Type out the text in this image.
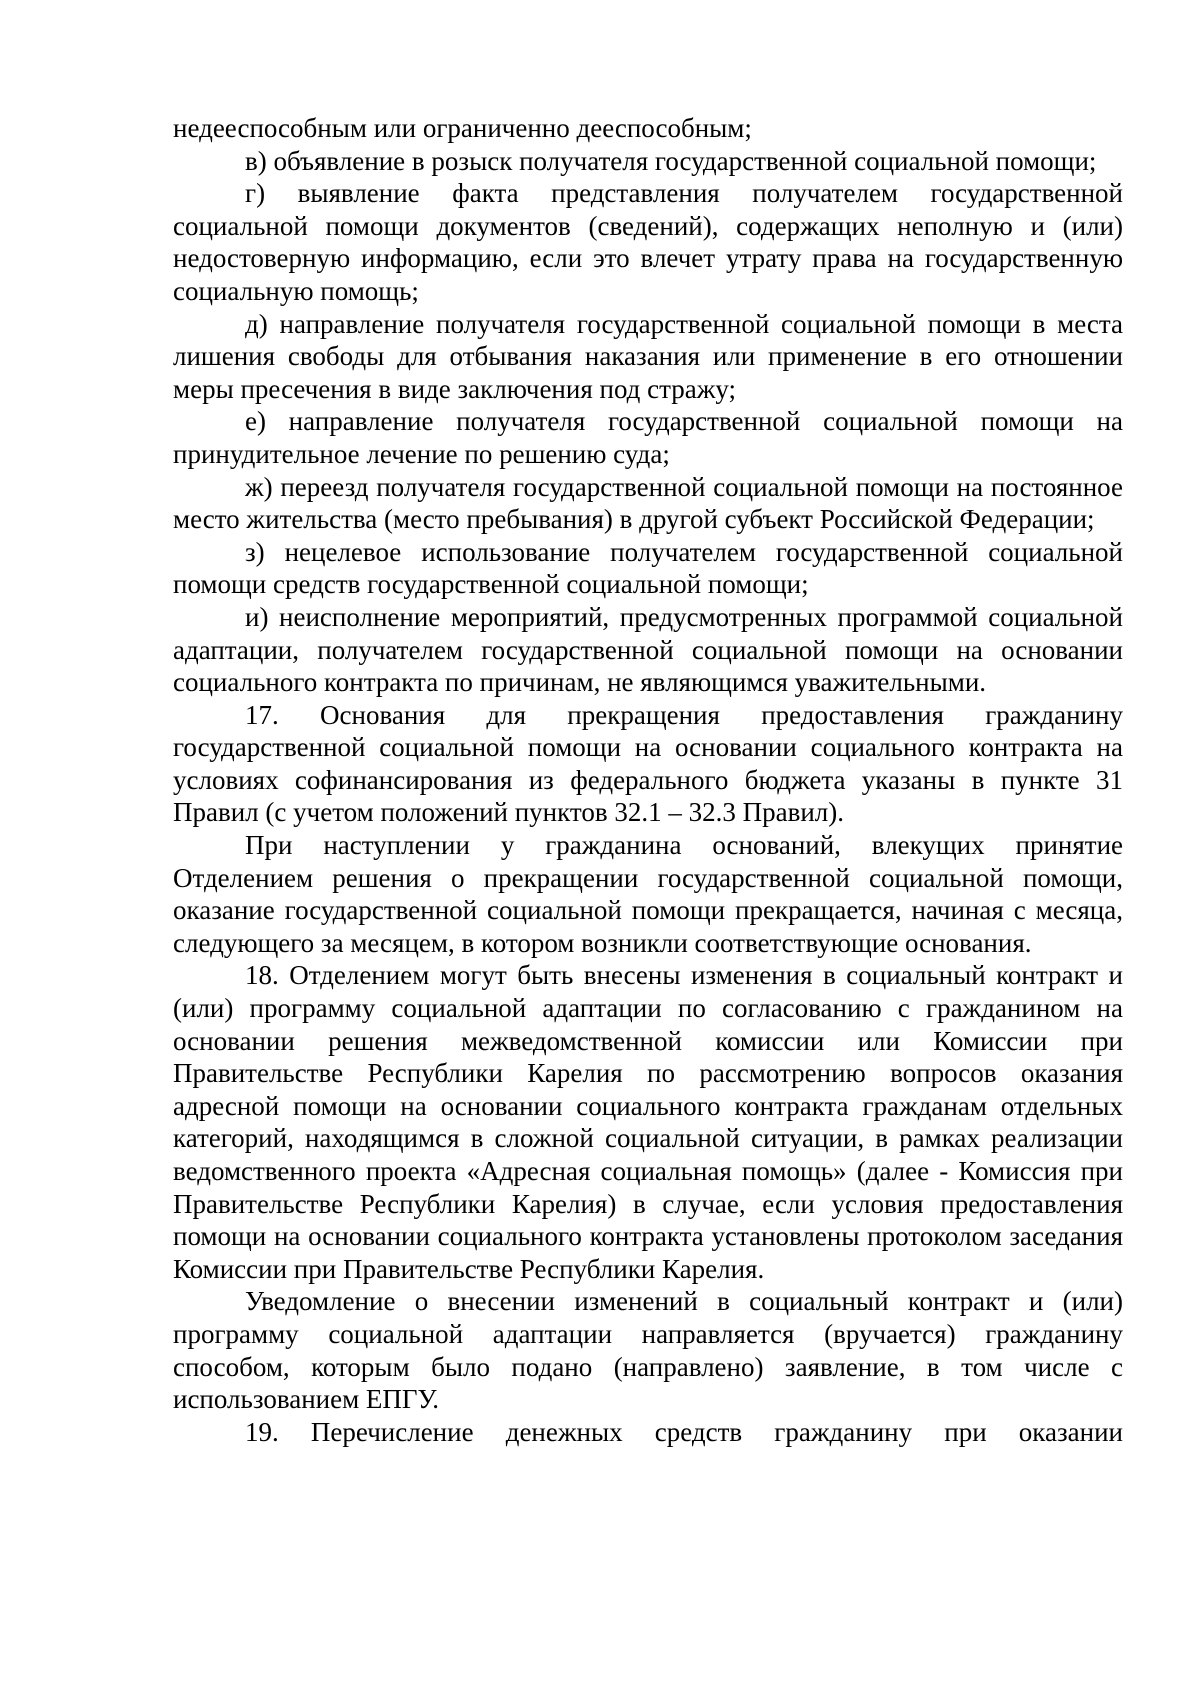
недееспособным или ограниченно дееспособным;

в) объявление в розыск получателя государственной социальной помощи;

г) выявление факта представления получателем государственной социальной помощи документов (сведений), содержащих неполную и (или) недостоверную информацию, если это влечет утрату права на государственную социальную помощь;

д) направление получателя государственной социальной помощи в места лишения свободы для отбывания наказания или применение в его отношении меры пресечения в виде заключения под стражу;

е) направление получателя государственной социальной помощи на принудительное лечение по решению суда;

ж) переезд получателя государственной социальной помощи на постоянное место жительства (место пребывания) в другой субъект Российской Федерации;

з) нецелевое использование получателем государственной социальной помощи средств государственной социальной помощи;

и) неисполнение мероприятий, предусмотренных программой социальной адаптации, получателем государственной социальной помощи на основании социального контракта по причинам, не являющимся уважительными.

17. Основания для прекращения предоставления гражданину государственной социальной помощи на основании социального контракта на условиях софинансирования из федерального бюджета указаны в пункте 31 Правил (с учетом положений пунктов 32.1 – 32.3 Правил).

При наступлении у гражданина оснований, влекущих принятие Отделением решения о прекращении государственной социальной помощи, оказание государственной социальной помощи прекращается, начиная с месяца, следующего за месяцем, в котором возникли соответствующие основания.

18. Отделением могут быть внесены изменения в социальный контракт и (или) программу социальной адаптации по согласованию с гражданином на основании решения межведомственной комиссии или Комиссии при Правительстве Республики Карелия по рассмотрению вопросов оказания адресной помощи на основании социального контракта гражданам отдельных категорий, находящимся в сложной социальной ситуации, в рамках реализации ведомственного проекта «Адресная социальная помощь» (далее - Комиссия при Правительстве Республики Карелия) в случае, если условия предоставления помощи на основании социального контракта установлены протоколом заседания Комиссии при Правительстве Республики Карелия.

Уведомление о внесении изменений в социальный контракт и (или) программу социальной адаптации направляется (вручается) гражданину способом, которым было подано (направлено) заявление, в том числе с использованием ЕПГУ.

19. Перечисление денежных средств гражданину при оказании
